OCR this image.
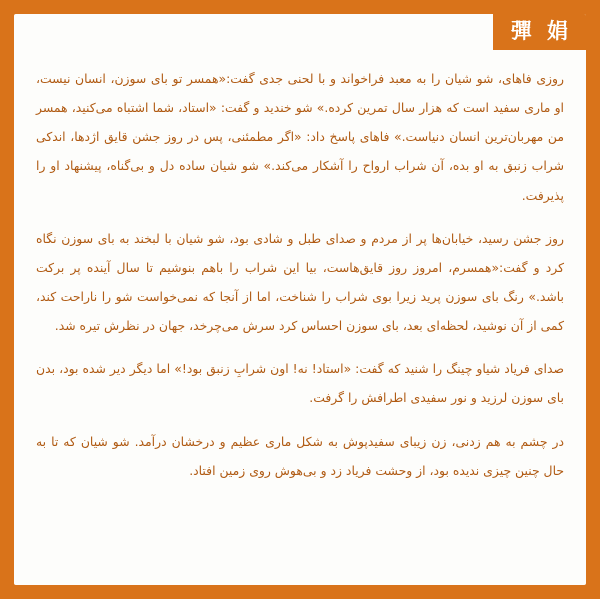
彈 娟

روزی فاهای، شو شیان را به معبد فراخواند و با لحنی جدی گفت:«همسر تو بای سوزن، انسان نیست، او ماری سفید است که هزار سال تمرین کرده.» شو خندید و گفت: «استاد، شما اشتباه می‌کنید، همسر من مهربان‌ترین انسان دنیاست.» فاهای پاسخ داد: «اگر مطمئنی، پس در روز جشن قایق اژدها، اندکی شراب زنبق به او بده، آن شراب ارواح را آشکار می‌کند.» شو شیان ساده دل و بی‌گناه، پیشنهاد او را پذیرفت.

روز جشن رسید، خیابان‌ها پر از مردم و صدای طبل و شادی بود، شو شیان با لبخند به بای سوزن نگاه کرد و گفت:«همسرم، امروز روز قایق‌هاست، بیا این شراب را باهم بنوشیم تا سال آینده پر برکت باشد.» رنگ بای سوزن پرید زیرا بوی شراب را شناخت، اما از آنجا که نمی‌خواست شو را ناراحت کند، کمی از آن نوشید، لحظه‌ای بعد، بای سوزن احساس کرد سرش می‌چرخد، جهان در نظرش تیره شد.

صدای فریاد شیاو چینگ را شنید که گفت: «استاد! نه! اون شرابِ زنبق بود!» اما دیگر دیر شده بود، بدن بای سوزن لرزید و نور سفیدی اطرافش را گرفت.

در چشم به هم زدنی، زن زیبای سفیدپوش به شکل ماری عظیم و درخشان درآمد. شو شیان که تا به حال چنین چیزی ندیده بود، از وحشت فریاد زد و بی‌هوش روی زمین افتاد.
